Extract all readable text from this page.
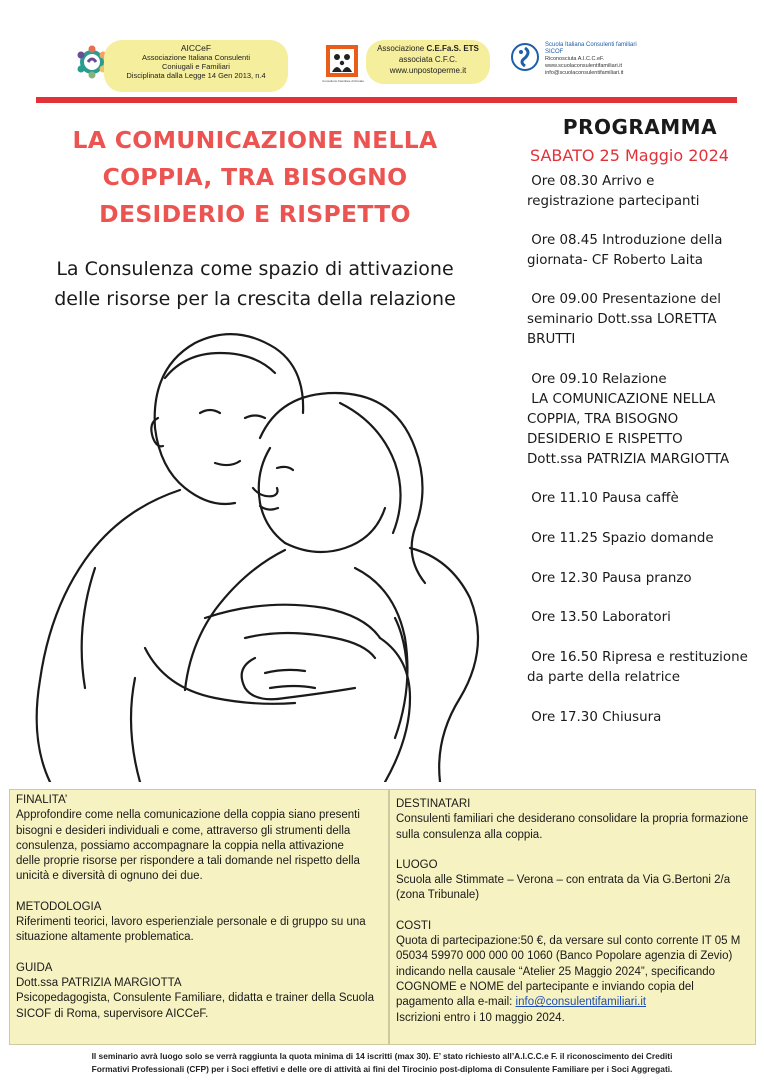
AICCeF
Associazione Italiana Consulenti
Coniugali e Familiari
Disciplinata dalla Legge 14 Gen 2013, n.4
Consultorio Familiare di Rovato
Associazione C.E.Fa.S. ETS
associata C.F.C.
www.unpostoperme.it
Scuola Italiana Consulenti familiari
SICOF
Riconosciuta A.I.C.C.eF.
www.scuolaconsulentifamiliari.it
info@scuolaconsulentifamiliari.it
LA COMUNICAZIONE NELLA
COPPIA, TRA BISOGNO
DESIDERIO E RISPETTO
La Consulenza come spazio di attivazione
delle risorse per la crescita della relazione
PROGRAMMA
SABATO 25 Maggio 2024
Ore 08.30 Arrivo e
registrazione partecipanti
Ore 08.45 Introduzione della
giornata- CF Roberto Laita
Ore 09.00 Presentazione del
seminario Dott.ssa LORETTA
BRUTTI
Ore 09.10 Relazione
LA COMUNICAZIONE NELLA
COPPIA, TRA BISOGNO
DESIDERIO E RISPETTO
Dott.ssa PATRIZIA MARGIOTTA
Ore 11.10 Pausa caffè
Ore 11.25 Spazio domande
Ore 12.30 Pausa pranzo
Ore 13.50 Laboratori
Ore 16.50 Ripresa e restituzione
da parte della relatrice
Ore 17.30 Chiusura

FINALITA’

Approfondire come nella comunicazione della coppia siano presenti bisogni e desideri individuali e come, attraverso gli strumenti della consulenza, possiamo accompagnare la coppia nella attivazione

delle proprie risorse per rispondere a tali domande nel rispetto della unicità e diversità di ognuno dei due.

METODOLOGIA

Riferimenti teorici, lavoro esperienziale personale e di gruppo su una situazione altamente problematica.

GUIDA

Dott.ssa PATRIZIA MARGIOTTA

Psicopedagogista, Consulente Familiare, didatta e trainer della Scuola SICOF di Roma, supervisore AICCeF.

DESTINATARI

Consulenti familiari che desiderano consolidare la propria formazione sulla consulenza alla coppia.

LUOGO

Scuola alle Stimmate – Verona – con entrata da Via G.Bertoni 2/a (zona Tribunale)

COSTI

Quota di partecipazione:50 €, da versare sul conto corrente IT 05 M 05034 59970 000 000 00 1060 (Banco Popolare agenzia di Zevio) indicando nella causale “Atelier 25 Maggio 2024”, specificando COGNOME e NOME del partecipante e inviando copia del pagamento alla e-mail: info@consulentifamiliari.it

Iscrizioni entro i 10 maggio 2024.

Il seminario avrà luogo solo se verrà raggiunta la quota minima di 14 iscritti (max 30). E’ stato richiesto all’A.I.C.C.e F. il riconoscimento dei Crediti
Formativi Professionali (CFP) per i Soci effetivi e delle ore di attività ai fini del Tirocinio post-diploma di Consulente Familiare per i Soci Aggregati.
